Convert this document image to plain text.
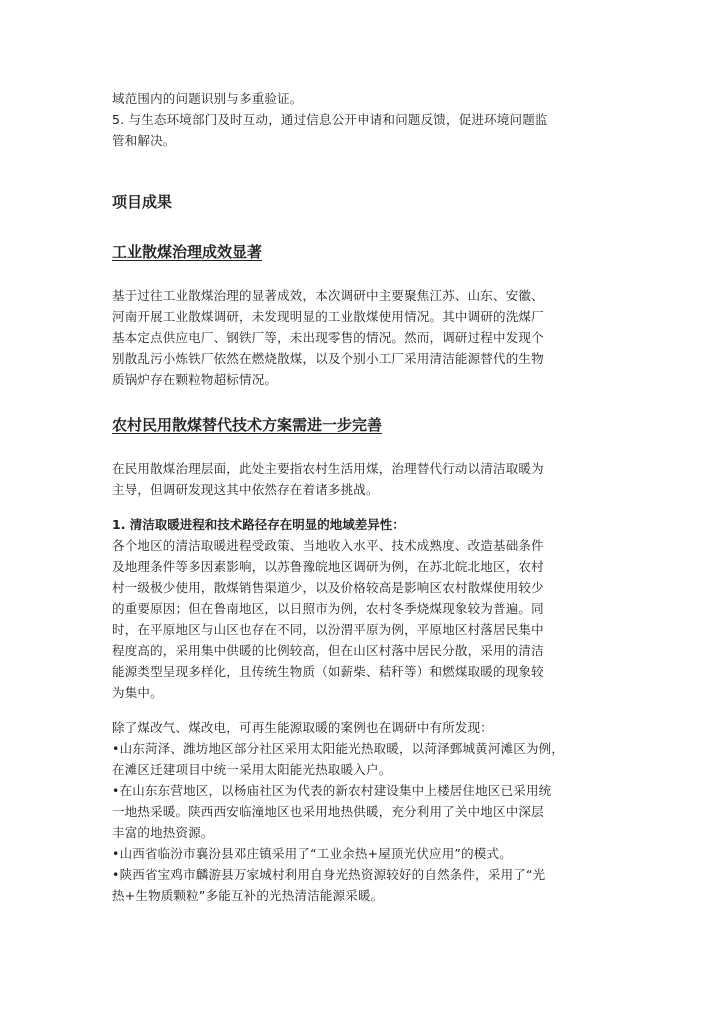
域范围内的问题识别与多重验证。

5. 与生态环境部门及时互动，通过信息公开申请和问题反馈，促进环境问题监

管和解决。

项目成果
工业散煤治理成效显著

基于过往工业散煤治理的显著成效，本次调研中主要聚焦江苏、山东、安徽、

河南开展工业散煤调研，未发现明显的工业散煤使用情况。其中调研的洗煤厂

基本定点供应电厂、钢铁厂等，未出现零售的情况。然而，调研过程中发现个

别散乱污小炼铁厂依然在燃烧散煤，以及个别小工厂采用清洁能源替代的生物

质锅炉存在颗粒物超标情况。

农村民用散煤替代技术方案需进一步完善

在民用散煤治理层面，此处主要指农村生活用煤，治理替代行动以清洁取暖为

主导，但调研发现这其中依然存在着诸多挑战。

1. 清洁取暖进程和技术路径存在明显的地域差异性：

各个地区的清洁取暖进程受政策、当地收入水平、技术成熟度、改造基础条件

及地理条件等多因素影响，以苏鲁豫皖地区调研为例，在苏北皖北地区，农村

村一级极少使用，散煤销售渠道少，以及价格较高是影响区农村散煤使用较少

的重要原因；但在鲁南地区，以日照市为例，农村冬季烧煤现象较为普遍。同

时，在平原地区与山区也存在不同，以汾渭平原为例，平原地区村落居民集中

程度高的，采用集中供暖的比例较高，但在山区村落中居民分散，采用的清洁

能源类型呈现多样化，且传统生物质（如薪柴、秸秆等）和燃煤取暖的现象较

为集中。

除了煤改气、煤改电，可再生能源取暖的案例也在调研中有所发现：

•山东菏泽、潍坊地区部分社区采用太阳能光热取暖，以菏泽鄄城黄河滩区为例，

在滩区迁建项目中统一采用太阳能光热取暖入户。

•在山东东营地区，以杨庙社区为代表的新农村建设集中上楼居住地区已采用统

一地热采暖。陕西西安临潼地区也采用地热供暖，充分利用了关中地区中深层

丰富的地热资源。

•山西省临汾市襄汾县邓庄镇采用了“工业余热+屋顶光伏应用”的模式。

•陕西省宝鸡市麟游县万家城村利用自身光热资源较好的自然条件，采用了“光

热+生物质颗粒”多能互补的光热清洁能源采暖。
